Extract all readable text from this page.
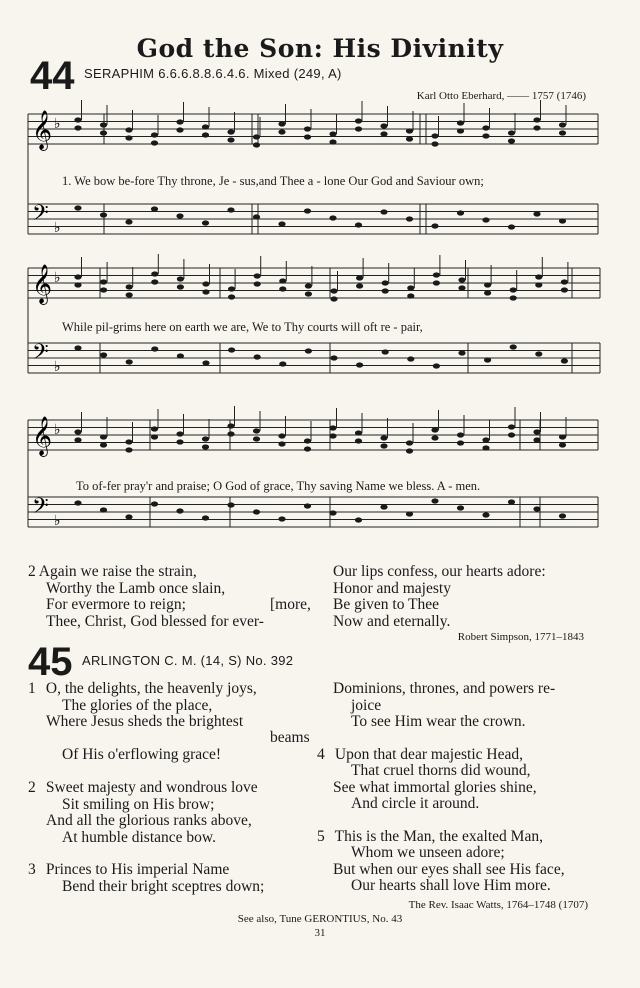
God the Son: His Divinity
44 SERAPHIM 6.6.6.8.8.6.4.6. Mixed (249, A)
Karl Otto Eberhard, —— 1757 (1746)
𝄞
𝄢
♭
♭
𝄞
𝄢
♭
♭
𝄞
𝄢
♭
♭
1. We bow be-fore Thy throne, Je - sus,and Thee a - lone Our God and Saviour own;
While pil-grims here on earth we are, We to Thy courts will oft re - pair,
To of-fer pray'r and praise; O God of grace, Thy saving Name we bless. A - men.
2 Again we raise the strain,
Worthy the Lamb once slain,
For evermore to reign;	[more,
Thee, Christ, God blessed for ever-
Our lips confess, our hearts adore:
Honor and majesty
Be given to Thee
Now and eternally.
Robert Simpson, 1771–1843
45 ARLINGTON C. M. (14, S) No. 392
1 O, the delights, the heavenly joys,
The glories of the place,
Where Jesus sheds the brightest
beams
Of His o'erflowing grace!
2 Sweet majesty and wondrous love
Sit smiling on His brow;
And all the glorious ranks above,
At humble distance bow.
3 Princes to His imperial Name
Bend their bright sceptres down;
Dominions, thrones, and powers re-
joice
To see Him wear the crown.
4 Upon that dear majestic Head,
That cruel thorns did wound,
See what immortal glories shine,
And circle it around.
5 This is the Man, the exalted Man,
Whom we unseen adore;
But when our eyes shall see His face,
Our hearts shall love Him more.
The Rev. Isaac Watts, 1764–1748 (1707)
See also, Tune GERONTIUS, No. 43
31
